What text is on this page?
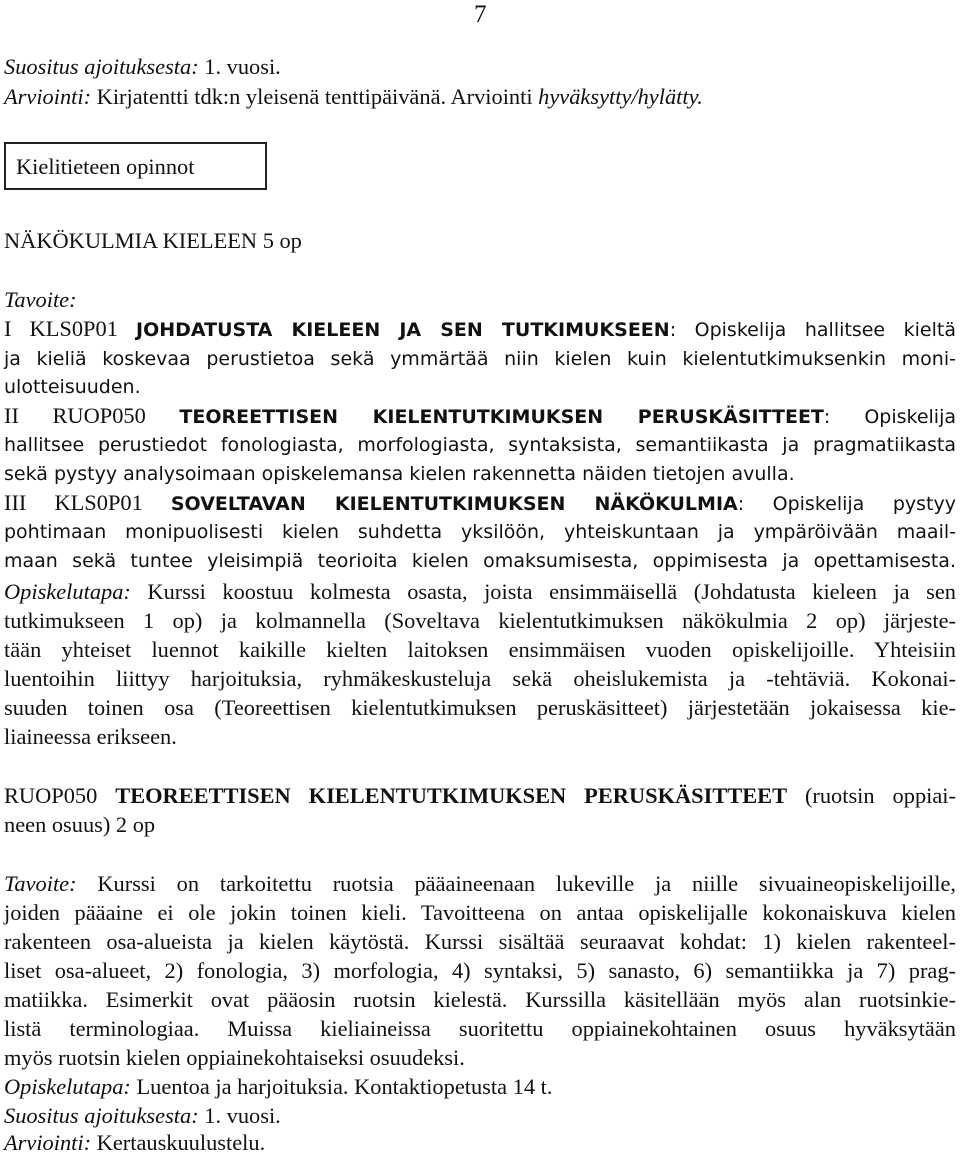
7
Suositus ajoituksesta: 1. vuosi.
Arviointi: Kirjatentti tdk:n yleisenä tenttipäivänä. Arviointi hyväksytty/hylätty.
Kielitieteen opinnot
NÄKÖKULMIA KIELEEN 5 op
Tavoite:
I KLS0P01 JOHDATUSTA KIELEEN JA SEN TUTKIMUKSEEN: Opiskelija hallitsee kieltä
ja kieliä koskevaa perustietoa sekä ymmärtää niin kielen kuin kielentutkimuksenkin moni-
ulotteisuuden.
II RUOP050 TEOREETTISEN KIELENTUTKIMUKSEN PERUSKÄSITTEET: Opiskelija
hallitsee perustiedot fonologiasta, morfologiasta, syntaksista, semantiikasta ja pragmatiikasta
sekä pystyy analysoimaan opiskelemansa kielen rakennetta näiden tietojen avulla.
III KLS0P01 SOVELTAVAN KIELENTUTKIMUKSEN NÄKÖKULMIA: Opiskelija pystyy
pohtimaan monipuolisesti kielen suhdetta yksilöön, yhteiskuntaan ja ympäröivään maail-
maan sekä tuntee yleisimpiä teorioita kielen omaksumisesta, oppimisesta ja opettamisesta.
Opiskelutapa: Kurssi koostuu kolmesta osasta, joista ensimmäisellä (Johdatusta kieleen ja sen
tutkimukseen 1 op) ja kolmannella (Soveltava kielentutkimuksen näkökulmia 2 op) järjeste-
tään yhteiset luennot kaikille kielten laitoksen ensimmäisen vuoden opiskelijoille. Yhteisiin
luentoihin liittyy harjoituksia, ryhmäkeskusteluja sekä oheislukemista ja -tehtäviä. Kokonai-
suuden toinen osa (Teoreettisen kielentutkimuksen peruskäsitteet) järjestetään jokaisessa kie-
liaineessa erikseen.
RUOP050 TEOREETTISEN KIELENTUTKIMUKSEN PERUSKÄSITTEET (ruotsin oppiai-
neen osuus) 2 op
Tavoite: Kurssi on tarkoitettu ruotsia pääaineenaan lukeville ja niille sivuaineopiskelijoille,
joiden pääaine ei ole jokin toinen kieli. Tavoitteena on antaa opiskelijalle kokonaiskuva kielen
rakenteen osa-alueista ja kielen käytöstä. Kurssi sisältää seuraavat kohdat: 1) kielen rakenteel-
liset osa-alueet, 2) fonologia, 3) morfologia, 4) syntaksi, 5) sanasto, 6) semantiikka ja 7) prag-
matiikka. Esimerkit ovat pääosin ruotsin kielestä. Kurssilla käsitellään myös alan ruotsinkie-
listä terminologiaa. Muissa kieliaineissa suoritettu oppiainekohtainen osuus hyväksytään
myös ruotsin kielen oppiainekohtaiseksi osuudeksi.
Opiskelutapa: Luentoa ja harjoituksia. Kontaktiopetusta 14 t.
Suositus ajoituksesta: 1. vuosi.
Arviointi: Kertauskuulustelu.
